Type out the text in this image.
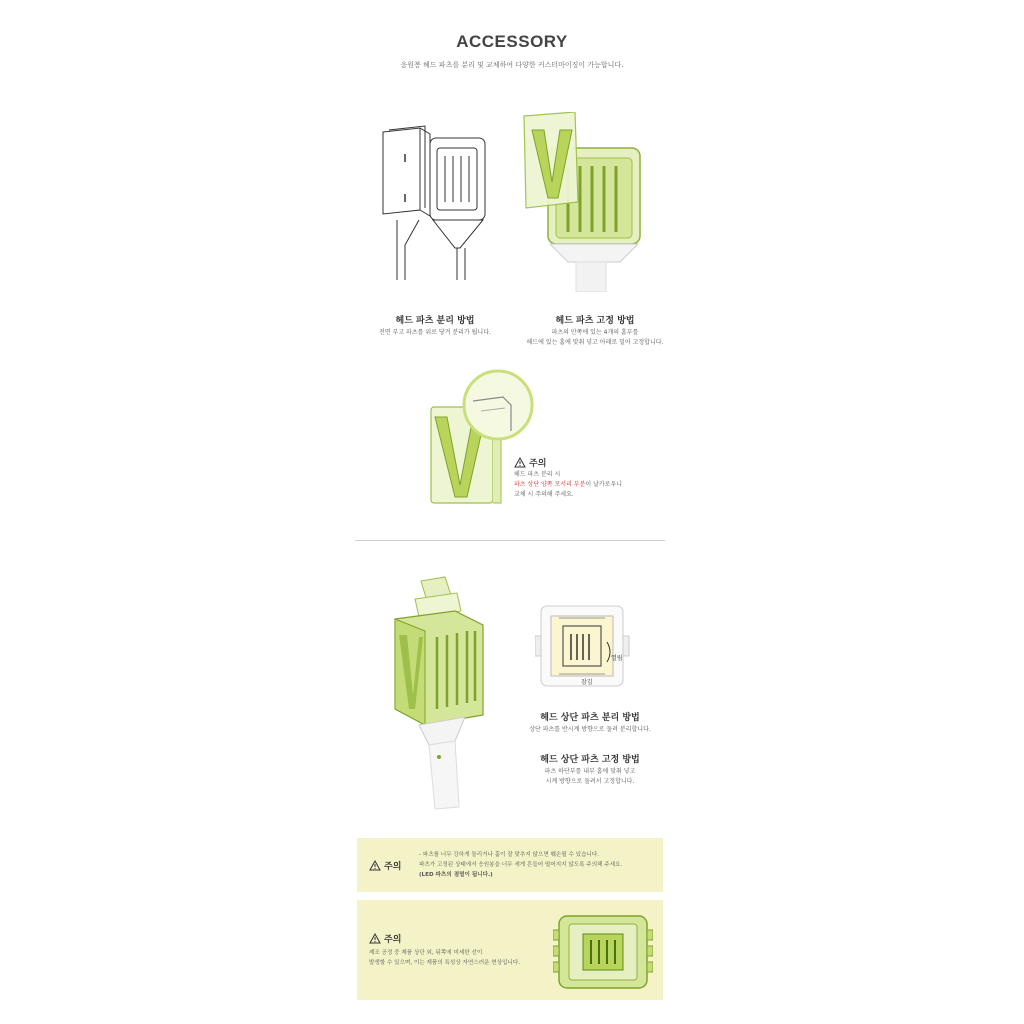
ACCESSORY
응원봉 헤드 파츠를 분리 및 교체하여 다양한 커스터마이징이 가능합니다.
헤드 파츠 분리 방법
전면 부고 파츠를 위로 당겨 분리가 됩니다.
헤드 파츠 고정 방법
파츠의 안쪽에 있는 4개의 홈부를
헤드에 있는 홈에 맞춰 넣고 아래로 밀어 고정합니다.
주의
헤드 파츠 분리 시
파츠 상단 양쪽 모서리 부분이 날카로우니
교체 시 주의해 주세요.
열림
잠김
헤드 상단 파츠 분리 방법
상단 파츠를 반시계 방향으로 돌려 분리합니다.
헤드 상단 파츠 고정 방법
파츠 하단부를 내부 홈에 맞춰 넣고
시계 방향으로 돌려서 고정합니다.
주의
- 파츠를 너무 강하게 돌리거나 홈이 잘 맞추지 않으면 훼손될 수 있습니다.
파츠가 고정된 상태에서 응원봉을 너무 세게 흔들어 떨어지지 않도록 주의해 주세요.
(LED 파츠의 점멸이 됩니다.)
주의
제조 공정 중 제품 상단 외, 뒤쪽에 미세한 선이
발생할 수 있으며, 이는 제품의 특성상 자연스러운 현상입니다.
